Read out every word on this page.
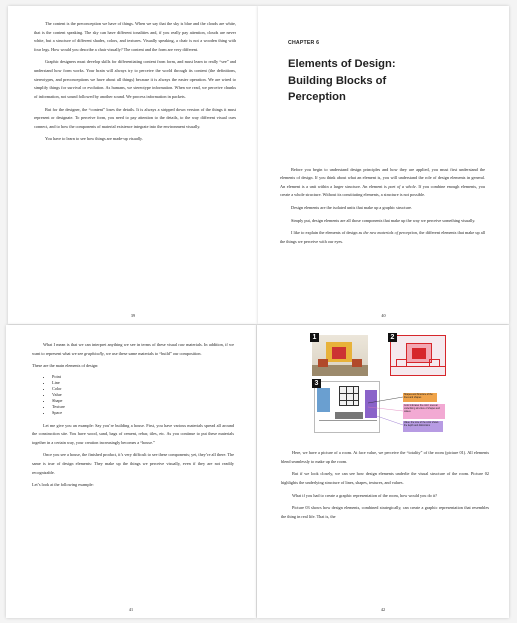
The content is the preconception we have of things. When we say that the sky is blue and the clouds are white, that is the content speaking. The sky can have different tonalities and, if you really pay attention, clouds are never white, but a structure of different shades, colors, and textures. Visually speaking, a chair is not a wooden thing with four legs. How would you describe a chair visually? The content and the form are very different.

Graphic designers must develop skills for differentiating content from form, and must learn to really “see” and understand how form works. Your brain will always try to perceive the world through its content (the definitions, stereotypes, and preconceptions we have about all things) because it is always the easier operation. We are wired to simplify things for survival or evolution. As humans, we stereotype information. When we read, we perceive chunks of information, not sound followed by another sound. We process information in packets.

But for the designer, the “content” loses the details. It is always a stripped down version of the things it must represent or designate. To perceive form, you need to pay attention to the details, to the way different visual cues connect, and to how the components of material existence integrate into the environment visually.

You have to learn to see how things are made-up visually.

39
CHAPTER 6
Elements of Design:
Building Blocks of
Perception

Before you begin to understand design principles and how they are applied, you must first understand the elements of design. If you think about what an element is, you will understand the role of design elements in general. An element is a unit within a larger structure. An element is part of a whole. If you combine enough elements, you create a whole structure. Without its constituting elements, a structure is not possible.

Design elements are the isolated units that make up a graphic structure.

Simply put, design elements are all those components that make up the way we perceive something visually.

I like to explain the elements of design as the raw materials of perception, the different elements that make up all the things we perceive with our eyes.

40

What I mean is that we can interpret anything we see in terms of these visual raw materials. In addition, if we want to represent what we see graphically, we use these same materials to “build” our composition.

These are the main elements of design:

• Point
• Line
• Color
• Value
• Shape
• Texture
• Space

Let me give you an example: Say you’re building a house. First, you have various materials spread all around the construction site. You have wood, sand, bags of cement, rebar, tiles, etc. As you continue to put these materials together in a certain way, your creation increasingly becomes a “house.”

Once you see a house, the finished product, it’s very difficult to see these components; yet, they’re all there. The same is true of design elements: They make up the things we perceive visually, even if they are not readily recognizable.

Let’s look at the following example:

41
1	2
3
Shapes and Structure of the lines and shapes
Color indicates the color: uses an underlining structure of shapes and values
Value: the tone of the color shows the depth and distinctions

Here, we have a picture of a room. At face value, we perceive the “totality” of the room (picture 01). All elements blend seamlessly to make up the room.

But if we look closely, we can see how design elements underlie the visual structure of the room. Picture 02 highlights the underlying structure of lines, shapes, textures, and values.

What if you had to create a graphic representation of the room, how would you do it?

Picture 03 shows how design elements, combined strategically, can create a graphic representation that resembles the thing in real life. That is, the

42
